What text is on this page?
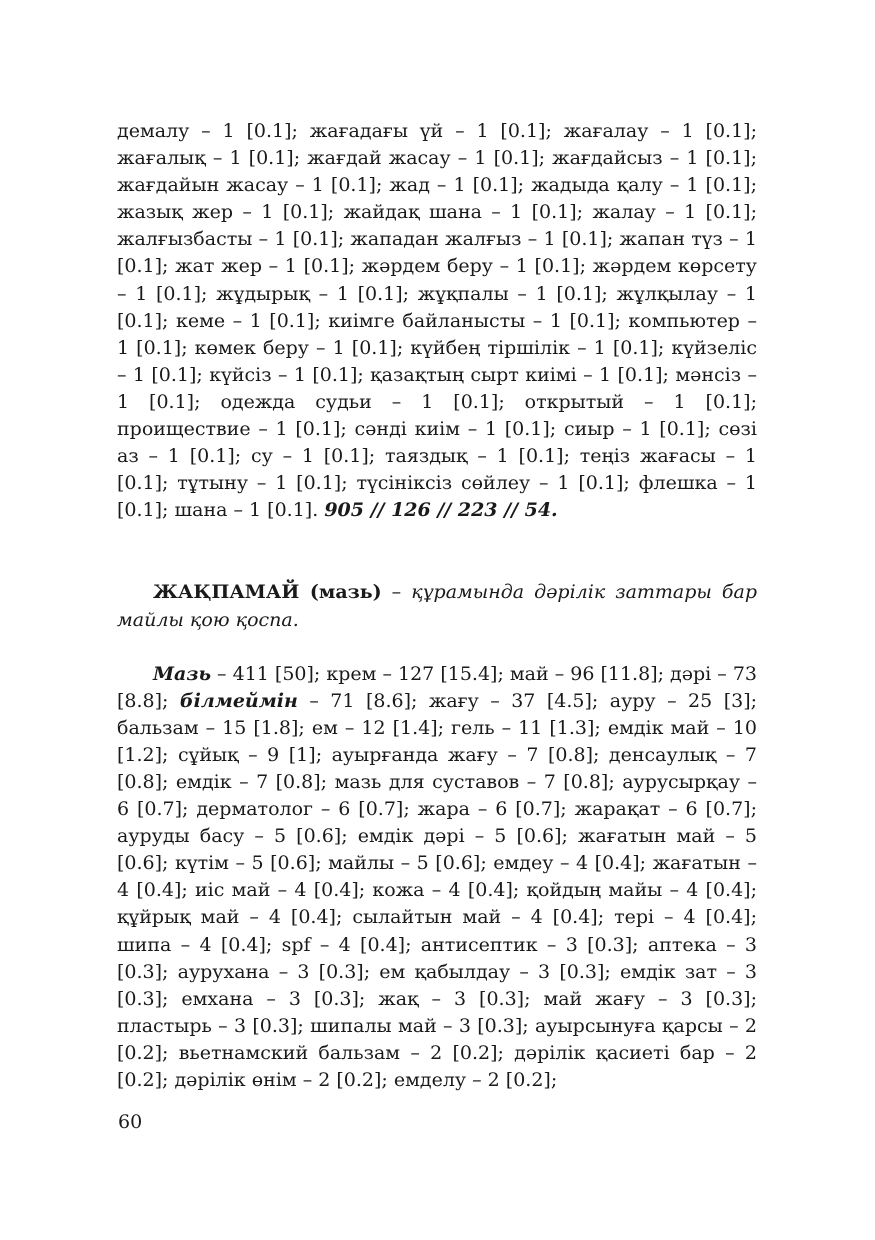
демалу – 1 [0.1]; жағадағы үй – 1 [0.1]; жағалау – 1 [0.1]; жағалық – 1 [0.1]; жағдай жасау – 1 [0.1]; жағдайсыз – 1 [0.1]; жағдайын жасау – 1 [0.1]; жад – 1 [0.1]; жадыда қалу – 1 [0.1]; жазық жер – 1 [0.1]; жайдақ шана – 1 [0.1]; жалау – 1 [0.1]; жалғызбасты – 1 [0.1]; жападан жалғыз – 1 [0.1]; жапан түз – 1 [0.1]; жат жер – 1 [0.1]; жәрдем беру – 1 [0.1]; жәрдем көрсету – 1 [0.1]; жұдырық – 1 [0.1]; жұқпалы – 1 [0.1]; жұлқылау – 1 [0.1]; кеме – 1 [0.1]; киімге байланысты – 1 [0.1]; компьютер – 1 [0.1]; көмек беру – 1 [0.1]; күйбең тіршілік – 1 [0.1]; күйзеліс – 1 [0.1]; күйсіз – 1 [0.1]; қазақтың сырт киімі – 1 [0.1]; мәнсіз – 1 [0.1]; одежда судьи – 1 [0.1]; открытый – 1 [0.1]; проиществие – 1 [0.1]; сәнді киім – 1 [0.1]; сиыр – 1 [0.1]; сөзі аз – 1 [0.1]; су – 1 [0.1]; таяздық – 1 [0.1]; теңіз жағасы – 1 [0.1]; тұтыну – 1 [0.1]; түсініксіз сөйлеу – 1 [0.1]; флешка – 1 [0.1]; шана – 1 [0.1]. 905 // 126 // 223 // 54.

ЖАҚПАМАЙ (мазь) – құрамында дәрілік заттары бар майлы қою қоспа.

Мазь – 411 [50]; крем – 127 [15.4]; май – 96 [11.8]; дәрі – 73 [8.8]; білмеймін – 71 [8.6]; жағу – 37 [4.5]; ауру – 25 [3]; бальзам – 15 [1.8]; ем – 12 [1.4]; гель – 11 [1.3]; емдік май – 10 [1.2]; сұйық – 9 [1]; ауырғанда жағу – 7 [0.8]; денсаулық – 7 [0.8]; емдік – 7 [0.8]; мазь для суставов – 7 [0.8]; аурусырқау – 6 [0.7]; дерматолог – 6 [0.7]; жара – 6 [0.7]; жарақат – 6 [0.7]; ауруды басу – 5 [0.6]; емдік дәрі – 5 [0.6]; жағатын май – 5 [0.6]; күтім – 5 [0.6]; майлы – 5 [0.6]; емдеу – 4 [0.4]; жағатын – 4 [0.4]; иіс май – 4 [0.4]; кожа – 4 [0.4]; қойдың майы – 4 [0.4]; құйрық май – 4 [0.4]; сылайтын май – 4 [0.4]; тері – 4 [0.4]; шипа – 4 [0.4]; spf – 4 [0.4]; антисептик – 3 [0.3]; аптека – 3 [0.3]; аурухана – 3 [0.3]; ем қабылдау – 3 [0.3]; емдік зат – 3 [0.3]; емхана – 3 [0.3]; жақ – 3 [0.3]; май жағу – 3 [0.3]; пластырь – 3 [0.3]; шипалы май – 3 [0.3]; ауырсынуға қарсы – 2 [0.2]; вьетнамский бальзам – 2 [0.2]; дәрілік қасиеті бар – 2 [0.2]; дәрілік өнім – 2 [0.2]; емделу – 2 [0.2];

60
